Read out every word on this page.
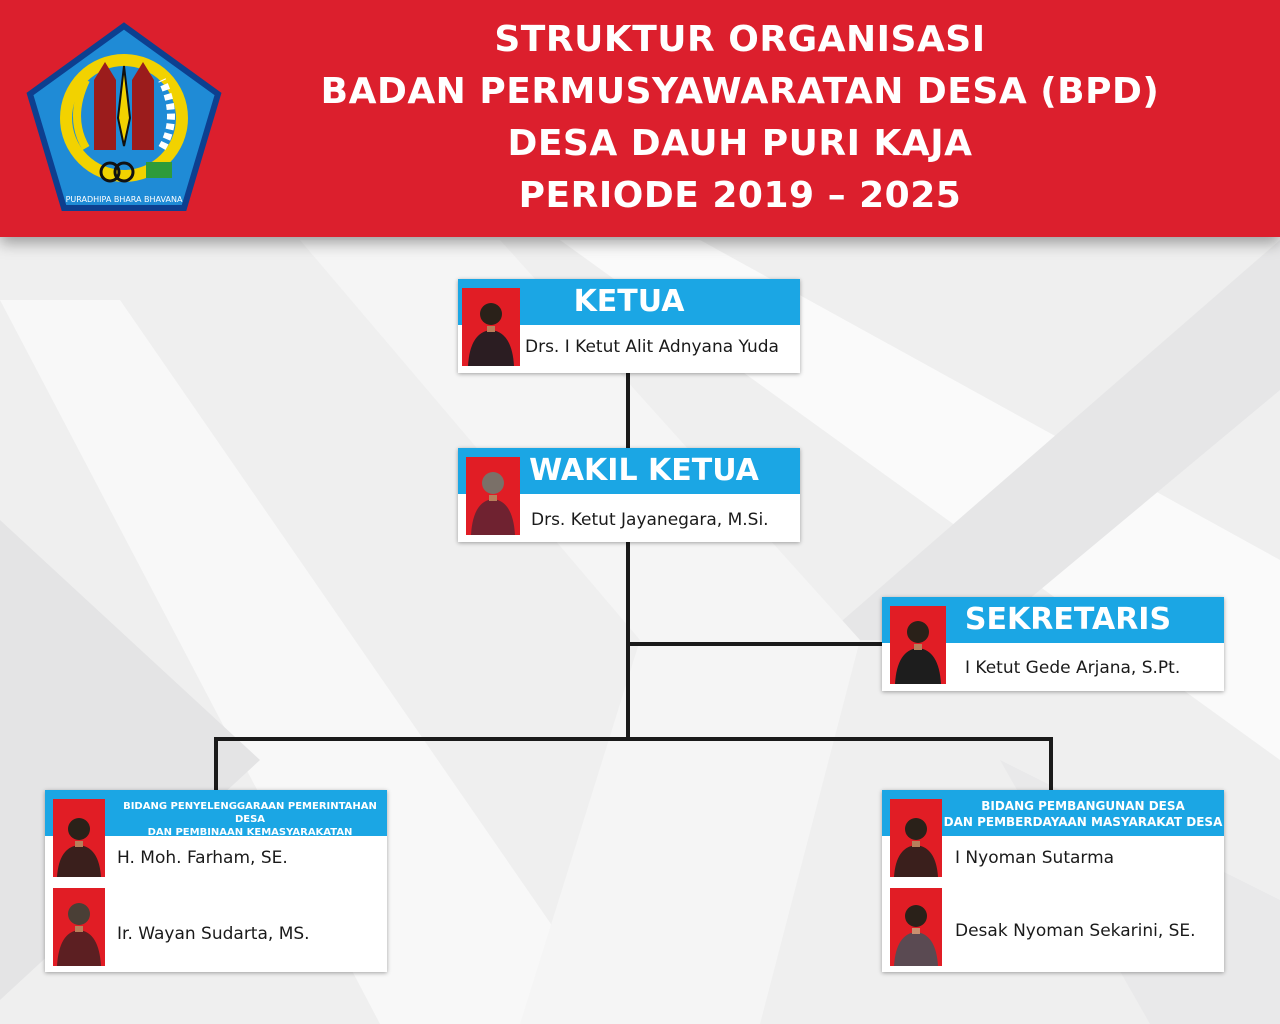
PURADHIPA BHARA BHAVANA
STRUKTUR ORGANISASI
BADAN PERMUSYAWARATAN DESA (BPD)
DESA DAUH PURI KAJA
PERIODE 2019 – 2025
KETUA
Drs. I Ketut Alit Adnyana Yuda
WAKIL KETUA
Drs. Ketut Jayanegara, M.Si.
SEKRETARIS
I Ketut Gede Arjana, S.Pt.
BIDANG PENYELENGGARAAN PEMERINTAHAN DESA
DAN PEMBINAAN KEMASYARAKATAN
H. Moh. Farham, SE.
Ir. Wayan Sudarta, MS.
BIDANG PEMBANGUNAN DESA
DAN PEMBERDAYAAN MASYARAKAT DESA
I Nyoman Sutarma
Desak Nyoman Sekarini, SE.
